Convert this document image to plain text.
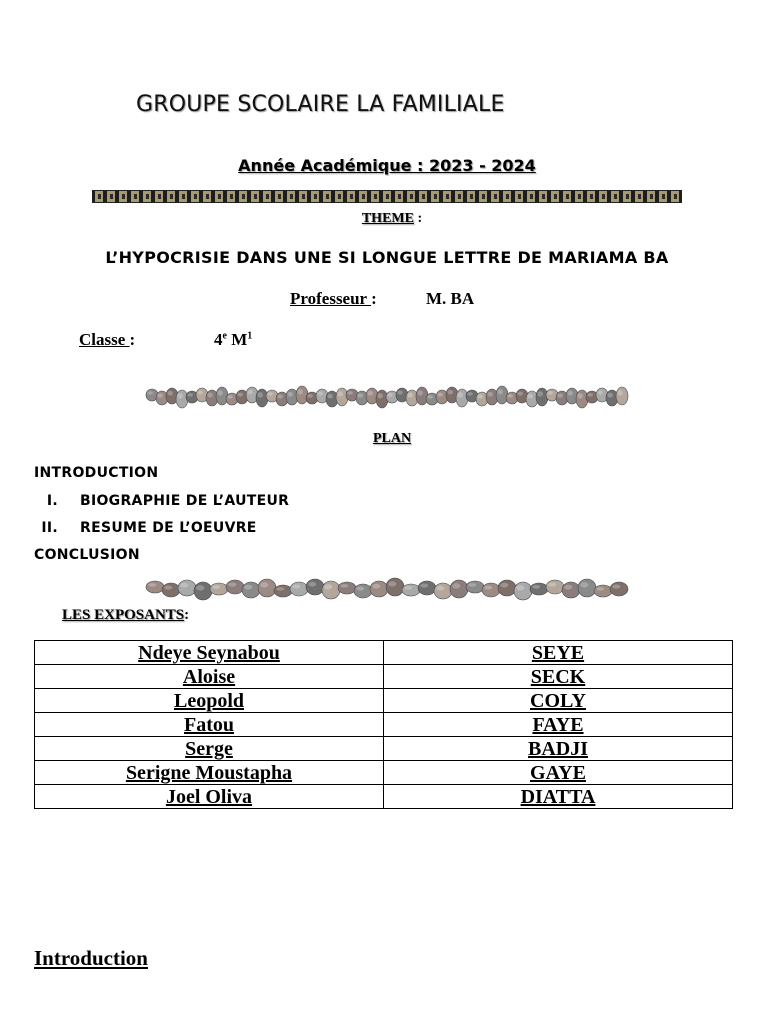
GROUPE SCOLAIRE LA FAMILIALE
Année Académique : 2023 - 2024
THEME :
L’HYPOCRISIE DANS UNE SI LONGUE LETTRE DE MARIAMA BA
Professeur :	M. BA
Classe :	4e $M^1$
PLAN
INTRODUCTION
I. BIOGRAPHIE DE L’AUTEUR
II. RESUME DE L’OEUVRE
CONCLUSION
LES EXPOSANTS:
Ndeye Seynabou	SEYE
Aloise	SECK
Leopold	COLY
Fatou	FAYE
Serge	BADJI
Serigne Moustapha	GAYE
Joel Oliva	DIATTA
Introduction
